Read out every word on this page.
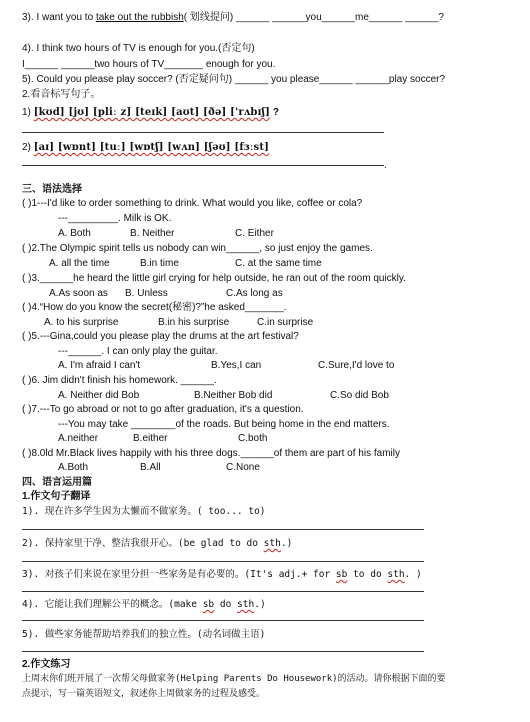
3). I want you to take out the rubbish( 划线提问) ______ ______you______me______ ______?
4). I think two hours of TV is enough for you.(否定句)
I______ ______two hours of TV_______ enough for you.
5). Could you please play soccer? (否定疑问句) ______ you please______ ______play soccer?
2.看音标写句子。
1) [kʊd] [jʊ] [pliː z] [teɪk] [aʊt] [ðə] ['rʌbɪʃ] ?
2) [aɪ] [wɒnt] [tuː] [wɒtʃ] [wʌn] [ʃəʊ] [fɜːst]
.
三、语法选择
( )1---I'd like to order something to drink. What would you like, coffee or cola?
---_________. Milk is OK.
A. Both	B. Neither	C. Either
( )2.The Olympic spirit tells us nobody can win______, so just enjoy the games.
A. all the time	B.in time	C. at the same time
( )3.______he heard the little girl crying for help outside, he ran out of the room quickly.
A.As soon as B. Unless	C.As long as
( )4.“How do you know the secret(秘密)?”he asked_______.
A. to his surprise	B.in his surprise	C.in surprise
( )5.---Gina,could you please play the drums at the art festival?
---______. I can only play the guitar.
A. I'm afraid I can't	B.Yes,I can	C.Sure,I'd love to
( )6. Jim didn't finish his homework. ______.
A. Neither did Bob	B.Neither Bob did	C.So did Bob
( )7.---To go abroad or not to go after graduation, it's a question.
---You may take ________of the roads. But being home in the end matters.
A.neither	B.either	C.both
( )8.0ld Mr.Black lives happily with his three dogs.______of them are part of his family
A.Both	B.All	C.None
四、语言运用篇
1.作文句子翻译
1). 现在许多学生因为太懒而不做家务。( too... to)
2). 保持家里干净、整洁我很开心。(be glad to do sth.)
3). 对孩子们来说在家里分担一些家务是有必要的。(It's adj.+ for sb to do sth. )
4). 它能让我们理解公平的概念。(make sb do sth.)
5). 做些家务能帮助培养我们的独立性。(动名词做主语)
2.作文练习
上周末你们班开展了一次帮父母做家务(Helping Parents Do Housework)的活动。请你根据下面的要
点提示，写一篇英语短文，叙述你上周做家务的过程及感受。
